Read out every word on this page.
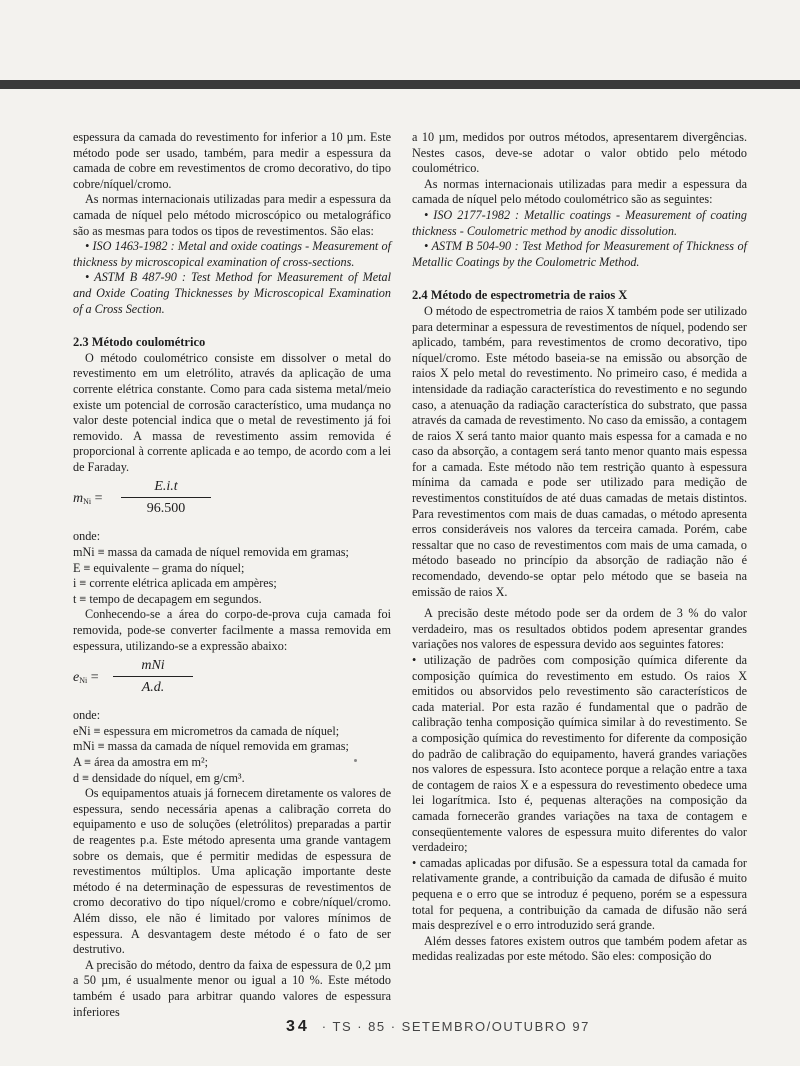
espessura da camada do revestimento for inferior a 10 µm. Este método pode ser usado, também, para medir a espessura da camada de cobre em revestimentos de cromo decorativo, do tipo cobre/níquel/cromo.

As normas internacionais utilizadas para medir a espessura da camada de níquel pelo método microscópico ou metalográfico são as mesmas para todos os tipos de revestimentos. São elas:

• ISO 1463-1982 : Metal and oxide coatings - Measurement of thickness by microscopical examination of cross-sections.

• ASTM B 487-90 : Test Method for Measurement of Metal and Oxide Coating Thicknesses by Microscopical Examination of a Cross Section.

2.3 Método coulométrico

O método coulométrico consiste em dissolver o metal do revestimento em um eletrólito, através da aplicação de uma corrente elétrica constante. Como para cada sistema metal/meio existe um potencial de corrosão característico, uma mudança no valor deste potencial indica que o metal de revestimento já foi removido. A massa de revestimento assim removida é proporcional à corrente aplicada e ao tempo, de acordo com a lei de Faraday.

$m_{Ni} = \frac{E.i.t}{96.500}$

onde:

mNi ≡ massa da camada de níquel removida em gramas;

E ≡ equivalente – grama do níquel;

i ≡ corrente elétrica aplicada em ampères;

t ≡ tempo de decapagem em segundos.

Conhecendo-se a área do corpo-de-prova cuja camada foi removida, pode-se converter facilmente a massa removida em espessura, utilizando-se a expressão abaixo:

$e_{Ni}$ =
mNi
A.d.

onde:

eNi ≡ espessura em micrometros da camada de níquel;

mNi ≡ massa da camada de níquel removida em gramas;

A ≡ área da amostra em m²;

d ≡ densidade do níquel, em g/cm³.

Os equipamentos atuais já fornecem diretamente os valores de espessura, sendo necessária apenas a calibração correta do equipamento e uso de soluções (eletrólitos) preparadas a partir de reagentes p.a. Este método apresenta uma grande vantagem sobre os demais, que é permitir medidas de espessura de revestimentos múltiplos. Uma aplicação importante deste método é na determinação de espessuras de revestimentos de cromo decorativo do tipo níquel/cromo e cobre/níquel/cromo. Além disso, ele não é limitado por valores mínimos de espessura. A desvantagem deste método é o fato de ser destrutivo.

A precisão do método, dentro da faixa de espessura de 0,2 µm a 50 µm, é usualmente menor ou igual a 10 %. Este método também é usado para arbitrar quando valores de espessura inferiores

a 10 µm, medidos por outros métodos, apresentarem divergências. Nestes casos, deve-se adotar o valor obtido pelo método coulométrico.

As normas internacionais utilizadas para medir a espessura da camada de níquel pelo método coulométrico são as seguintes:

• ISO 2177-1982 : Metallic coatings - Measurement of coating thickness - Coulometric method by anodic dissolution.

• ASTM B 504-90 : Test Method for Measurement of Thickness of Metallic Coatings by the Coulometric Method.

2.4 Método de espectrometria de raios X

O método de espectrometria de raios X também pode ser utilizado para determinar a espessura de revestimentos de níquel, podendo ser aplicado, também, para revestimentos de cromo decorativo, tipo níquel/cromo. Este método baseia-se na emissão ou absorção de raios X pelo metal do revestimento. No primeiro caso, é medida a intensidade da radiação característica do revestimento e no segundo caso, a atenuação da radiação característica do substrato, que passa através da camada de revestimento. No caso da emissão, a contagem de raios X será tanto maior quanto mais espessa for a camada e no caso da absorção, a contagem será tanto menor quanto mais espessa for a camada. Este método não tem restrição quanto à espessura mínima da camada e pode ser utilizado para medição de revestimentos constituídos de até duas camadas de metais distintos. Para revestimentos com mais de duas camadas, o método apresenta erros consideráveis nos valores da terceira camada. Porém, cabe ressaltar que no caso de revestimentos com mais de uma camada, o método baseado no princípio da absorção de radiação não é recomendado, devendo-se optar pelo método que se baseia na emissão de raios X.

A precisão deste método pode ser da ordem de 3 % do valor verdadeiro, mas os resultados obtidos podem apresentar grandes variações nos valores de espessura devido aos seguintes fatores:

• utilização de padrões com composição química diferente da composição química do revestimento em estudo. Os raios X emitidos ou absorvidos pelo revestimento são característicos de cada material. Por esta razão é fundamental que o padrão de calibração tenha composição química similar à do revestimento. Se a composição química do revestimento for diferente da composição do padrão de calibração do equipamento, haverá grandes variações nos valores de espessura. Isto acontece porque a relação entre a taxa de contagem de raios X e a espessura do revestimento obedece uma lei logarítmica. Isto é, pequenas alterações na composição da camada fornecerão grandes variações na taxa de contagem e conseqüentemente valores de espessura muito diferentes do valor verdadeiro;

• camadas aplicadas por difusão. Se a espessura total da camada for relativamente grande, a contribuição da camada de difusão é muito pequena e o erro que se introduz é pequeno, porém se a espessura total for pequena, a contribuição da camada de difusão não será mais desprezível e o erro introduzido será grande.

Além desses fatores existem outros que também podem afetar as medidas realizadas por este método. São eles: composição do

34 · TS · 85 · SETEMBRO/OUTUBRO 97
